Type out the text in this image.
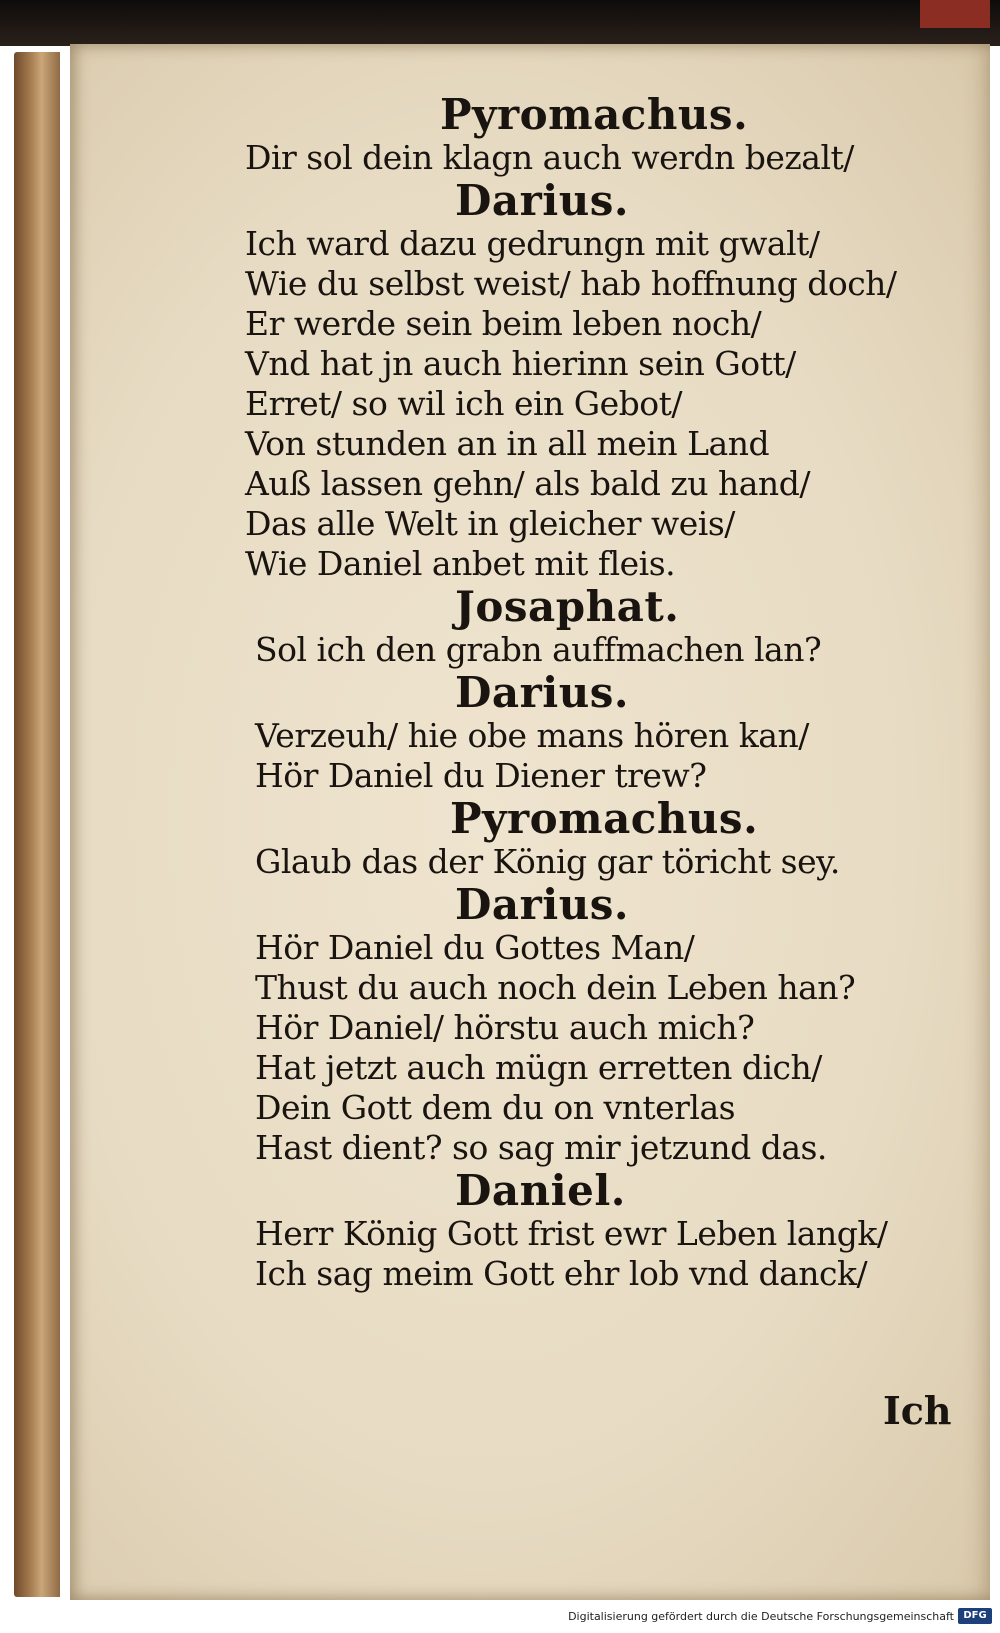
Pyromachus.
Dir sol dein klagn auch werdn bezalt/
Darius.
Ich ward dazu gedrungn mit gwalt/
Wie du selbst weist/ hab hoffnung doch/
Er werde sein beim leben noch/
Vnd hat jn auch hierinn sein Gott/
Erret/ so wil ich ein Gebot/
Von stunden an in all mein Land
Auß lassen gehn/ als bald zu hand/
Das alle Welt in gleicher weis/
Wie Daniel anbet mit fleis.
Josaphat.
Sol ich den grabn auffmachen lan?
Darius.
Verzeuh/ hie obe mans hören kan/
Hör Daniel du Diener trew?
Pyromachus.
Glaub das der König gar töricht sey.
Darius.
Hör Daniel du Gottes Man/
Thust du auch noch dein Leben han?
Hör Daniel/ hörstu auch mich?
Hat jetzt auch mügn erretten dich/
Dein Gott dem du on vnterlas
Hast dient? so sag mir jetzund das.
Daniel.
Herr König Gott frist ewr Leben langk/
Ich sag meim Gott ehr lob vnd danck/
Ich
Digitalisierung gefördert durch die Deutsche Forschungsgemeinschaft DFG
